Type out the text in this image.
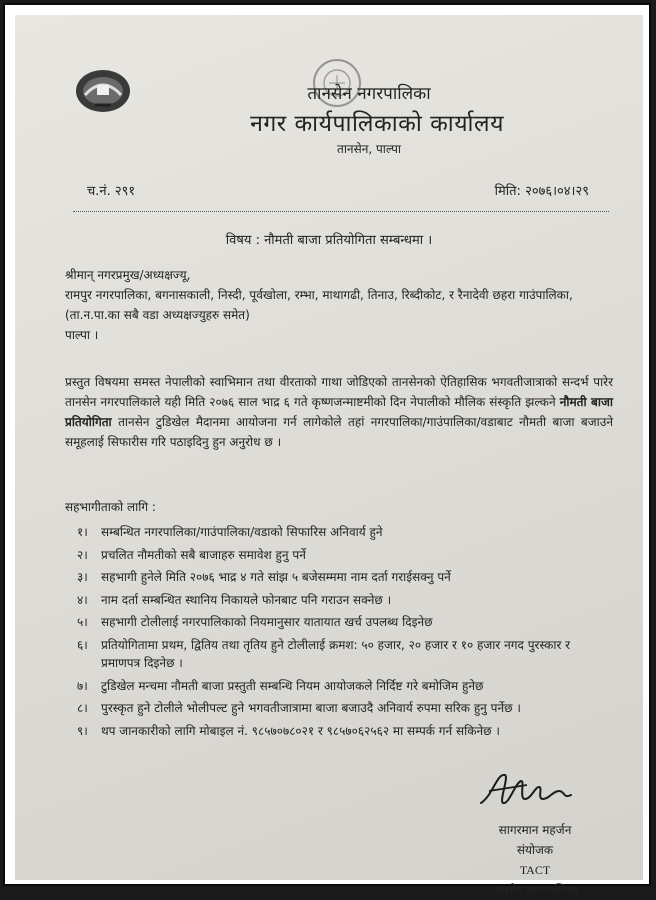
तानसेन नगरपालिका
नगर कार्यपालिकाको कार्यालय
तानसेन, पाल्पा
च.नं. २९१	मिति: २०७६।०४।२९
विषय : नौमती बाजा प्रतियोगिता सम्बन्धमा ।
श्रीमान् नगरप्रमुख/अध्यक्षज्यू,
रामपुर नगरपालिका, बगनासकाली, निस्दी, पूर्वखोला, रम्भा, माथागढी, तिनाउ, रिब्दीकोट, र रैनादेवी छहरा गाउंपालिका,
(ता.न.पा.का सबै वडा अध्यक्षज्युहरु समेत)
पाल्पा ।
प्रस्तुत विषयमा समस्त नेपालीको स्वाभिमान तथा वीरताको गाथा जोडिएको तानसेनको ऐतिहासिक भगवतीजात्राको सन्दर्भ पारेर तानसेन नगरपालिकाले यही मिति २०७६ साल भाद्र ६ गते कृष्णजन्माष्टमीको दिन नेपालीको मौलिक संस्कृति झल्कने नौमती बाजा प्रतियोगिता तानसेन टुडिखेल मैदानमा आयोजना गर्न लागेकोले तहां नगरपालिका/गाउंपालिका/वडाबाट नौमती बाजा बजाउने समूहलाई सिफारीस गरि पठाइदिनु हुन अनुरोध छ ।
सहभागीताको लागि :
१।	सम्बन्धित नगरपालिका/गाउंपालिका/वडाको सिफारिस अनिवार्य हुने
२।	प्रचलित नौमतीको सबै बाजाहरु समावेश हुनु पर्ने
३।	सहभागी हुनेले मिति २०७६ भाद्र ४ गते सांझ ५ बजेसम्ममा नाम दर्ता गराईसक्नु पर्ने
४।	नाम दर्ता सम्बन्धित स्थानिय निकायले फोनबाट पनि गराउन सक्नेछ ।
५।	सहभागी टोलीलाई नगरपालिकाको नियमानुसार यातायात खर्च उपलब्ध दिइनेछ
६।	प्रतियोगितामा प्रथम, द्वितिय तथा तृतिय हुने टोलीलाई क्रमश: ५० हजार, २० हजार र १० हजार नगद पुरस्कार र प्रमाणपत्र दिइनेछ ।
७।	टुडिखेल मन्चमा नौमती बाजा प्रस्तुती सम्बन्धि नियम आयोजकले निर्दिष्ट गरे बमोजिम हुनेछ
८।	पुरस्कृत हुने टोलीले भोलीपल्ट हुने भगवतीजात्रामा बाजा बजाउदै अनिवार्य रुपमा सरिक हुनु पर्नेछ ।
९।	थप जानकारीको लागि मोबाइल नं. ९८५७०७८०२१ र ९८५७०६२५६२ मा सम्पर्क गर्न सकिनेछ ।
सागरमान महर्जन
संयोजक
TACT
तानसेन नगरपालिका
